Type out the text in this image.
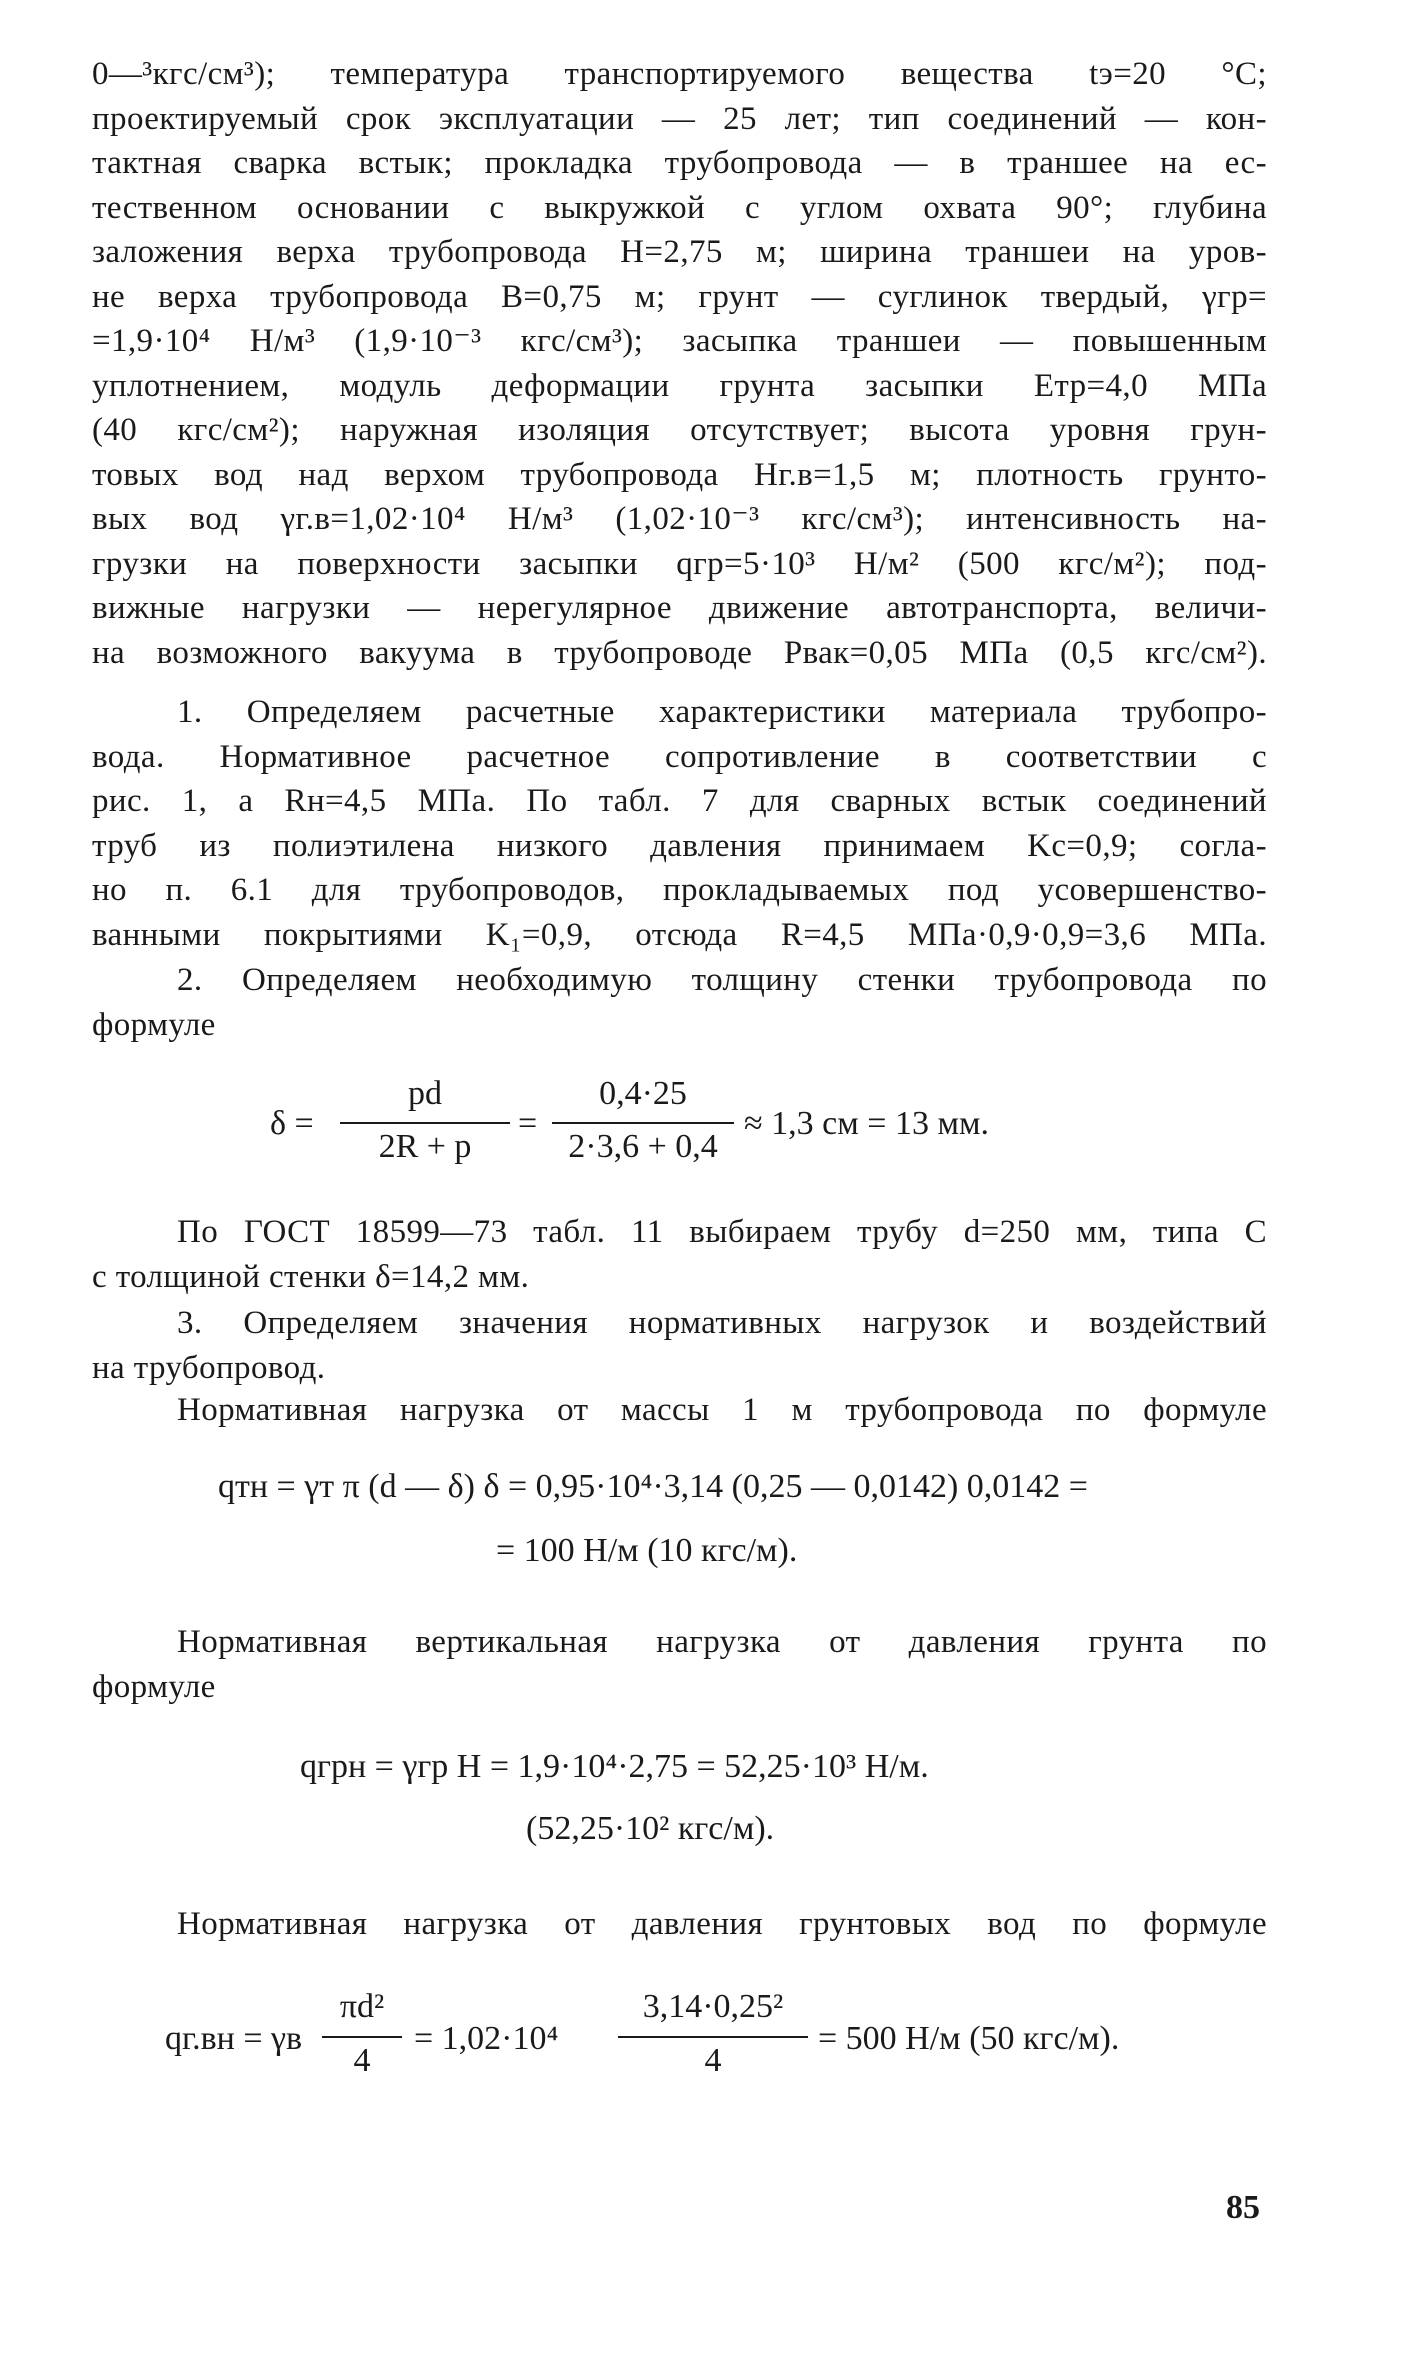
0—³кгс/см³); температура транспортируемого вещества tэ=20 °С;
проектируемый срок эксплуатации — 25 лет; тип соединений — кон-
тактная сварка встык; прокладка трубопровода — в траншее на ес-
тественном основании с выкружкой с углом охвата 90°; глубина
заложения верха трубопровода H=2,75 м; ширина траншеи на уров-
не верха трубопровода B=0,75 м; грунт — суглинок твердый, γгр=
=1,9·10⁴ Н/м³ (1,9·10⁻³ кгс/см³); засыпка траншеи — повышенным
уплотнением, модуль деформации грунта засыпки Eтр=4,0 МПа
(40 кгс/см²); наружная изоляция отсутствует; высота уровня грун-
товых вод над верхом трубопровода Hг.в=1,5 м; плотность грунто-
вых вод γг.в=1,02·10⁴ Н/м³ (1,02·10⁻³ кгс/см³); интенсивность на-
грузки на поверхности засыпки qгр=5·10³ Н/м² (500 кгс/м²); под-
вижные нагрузки — нерегулярное движение автотранспорта, величи-
на возможного вакуума в трубопроводе Pвак=0,05 МПа (0,5 кгс/см²).
1. Определяем расчетные характеристики материала трубопро-
вода. Нормативное расчетное сопротивление в соответствии с
рис. 1, а Rн=4,5 МПа. По табл. 7 для сварных встык соединений
труб из полиэтилена низкого давления принимаем Kc=0,9; согла-
но п. 6.1 для трубопроводов, прокладываемых под усовершенство-
ванными покрытиями K₁=0,9, отсюда R=4,5 МПа·0,9·0,9=3,6 МПа.
2. Определяем необходимую толщину стенки трубопровода по
формуле
δ =
pd
2R + p
=
0,4·25
2·3,6 + 0,4
≈ 1,3 см = 13 мм.
По ГОСТ 18599—73 табл. 11 выбираем трубу d=250 мм, типа С
с толщиной стенки δ=14,2 мм.
3. Определяем значения нормативных нагрузок и воздействий
на трубопровод.
Нормативная нагрузка от массы 1 м трубопровода по формуле
qтн = γт π (d — δ) δ = 0,95·10⁴·3,14 (0,25 — 0,0142) 0,0142 =
= 100 Н/м (10 кгс/м).
Нормативная вертикальная нагрузка от давления грунта по
формуле
qгрн = γгр H = 1,9·10⁴·2,75 = 52,25·10³ Н/м.
(52,25·10² кгс/м).
Нормативная нагрузка от давления грунтовых вод по формуле
qг.вн = γв
πd²
4
= 1,02·10⁴
3,14·0,25²
4
= 500 Н/м (50 кгс/м).
85
